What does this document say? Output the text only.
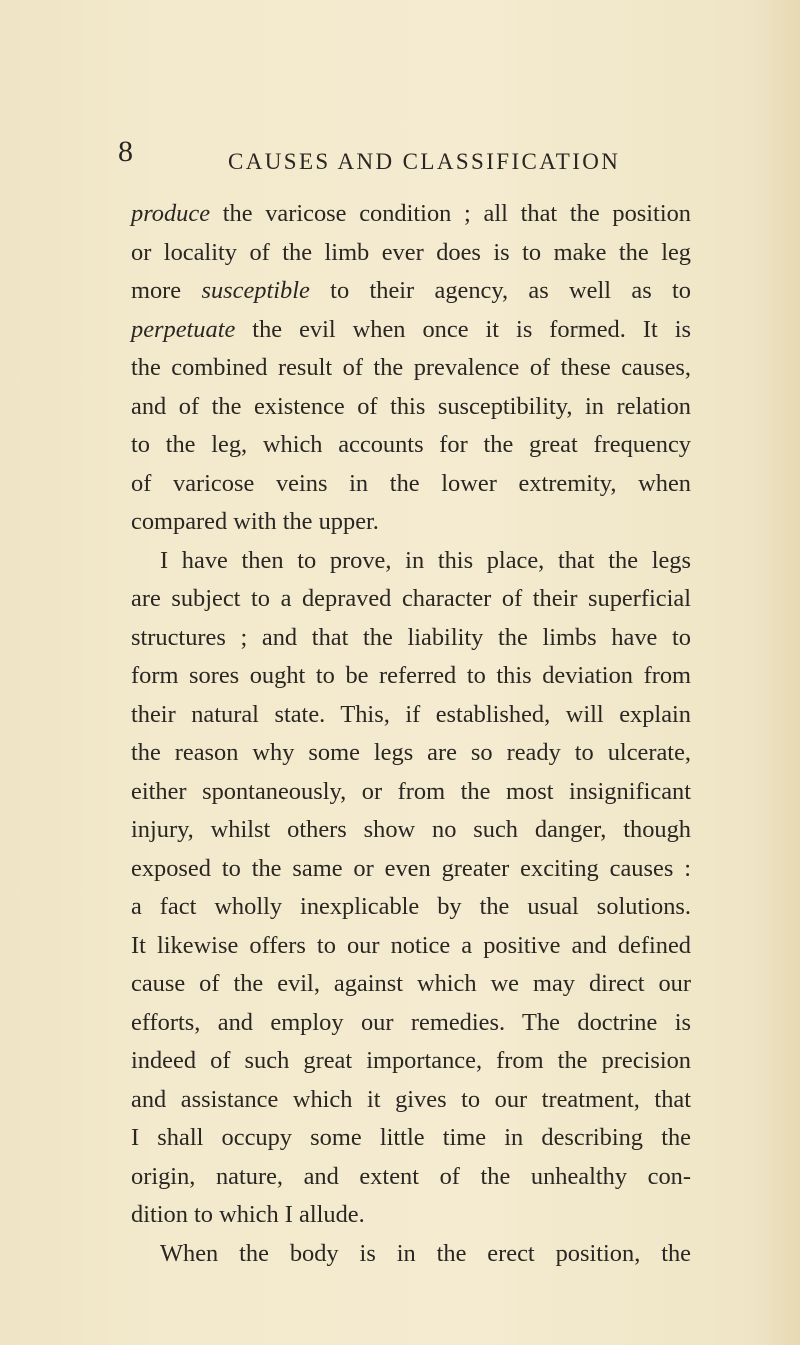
8	CAUSES AND CLASSIFICATION
produce the varicose condition ; all that the position
or locality of the limb ever does is to make the leg
more susceptible to their agency, as well as to
perpetuate the evil when once it is formed. It is
the combined result of the prevalence of these causes,
and of the existence of this susceptibility, in relation
to the leg, which accounts for the great frequency
of varicose veins in the lower extremity, when
compared with the upper.
I have then to prove, in this place, that the legs
are subject to a depraved character of their superficial
structures ; and that the liability the limbs have to
form sores ought to be referred to this deviation from
their natural state. This, if established, will explain
the reason why some legs are so ready to ulcerate,
either spontaneously, or from the most insignificant
injury, whilst others show no such danger, though
exposed to the same or even greater exciting causes :
a fact wholly inexplicable by the usual solutions.
It likewise offers to our notice a positive and defined
cause of the evil, against which we may direct our
efforts, and employ our remedies. The doctrine is
indeed of such great importance, from the precision
and assistance which it gives to our treatment, that
I shall occupy some little time in describing the
origin, nature, and extent of the unhealthy con-
dition to which I allude.
When the body is in the erect position, the
